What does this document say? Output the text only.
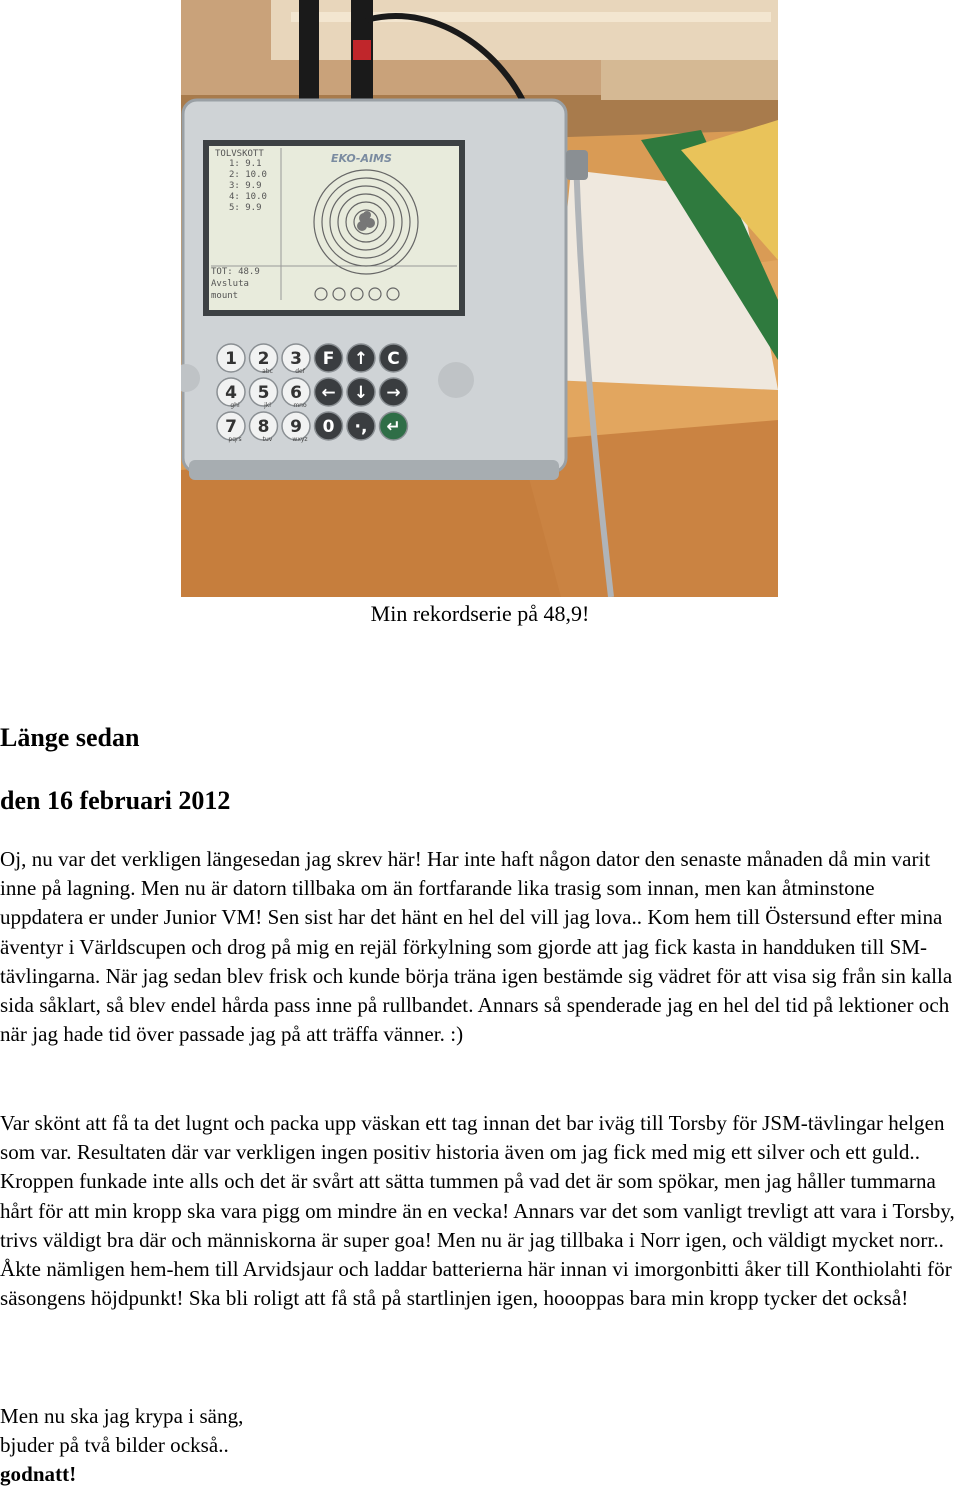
TOLVSKOTT
1: 9.1
2: 10.0
3: 9.9
4: 10.0
5: 9.9
TOT: 48.9
Avsluta
mount
EKO-AIMS
1 2
abc
3
def
F ↑ C
4
ghi
5
jkl
6
mno
← ↓ →
7
pqrs
8
tuv
9
wxyz
0 ·, ↵
Min rekordserie på 48,9!
Länge sedan
den 16 februari 2012

Oj, nu var det verkligen längesedan jag skrev här! Har inte haft någon dator den senaste månaden då min varit inne på lagning. Men nu är datorn tillbaka om än fortfarande lika trasig som innan, men kan åtminstone uppdatera er under Junior VM! Sen sist har det hänt en hel del vill jag lova.. Kom hem till Östersund efter mina äventyr i Världscupen och drog på mig en rejäl förkylning som gjorde att jag fick kasta in handduken till SM-tävlingarna. När jag sedan blev frisk och kunde börja träna igen bestämde sig vädret för att visa sig från sin kalla sida såklart, så blev endel hårda pass inne på rullbandet. Annars så spenderade jag en hel del tid på lektioner och när jag hade tid över passade jag på att träffa vänner. :)

Var skönt att få ta det lugnt och packa upp väskan ett tag innan det bar iväg till Torsby för JSM-tävlingar helgen som var. Resultaten där var verkligen ingen positiv historia även om jag fick med mig ett silver och ett guld.. Kroppen funkade inte alls och det är svårt att sätta tummen på vad det är som spökar, men jag håller tummarna hårt för att min kropp ska vara pigg om mindre än en vecka! Annars var det som vanligt trevligt att vara i Torsby, trivs väldigt bra där och människorna är super goa! Men nu är jag tillbaka i Norr igen, och väldigt mycket norr.. Åkte nämligen hem-hem till Arvidsjaur och laddar batterierna här innan vi imorgonbitti åker till Konthiolahti för säsongens höjdpunkt! Ska bli roligt att få stå på startlinjen igen, hoooppas bara min kropp tycker det också!

Men nu ska jag krypa i säng,
bjuder på två bilder också..
godnatt!
